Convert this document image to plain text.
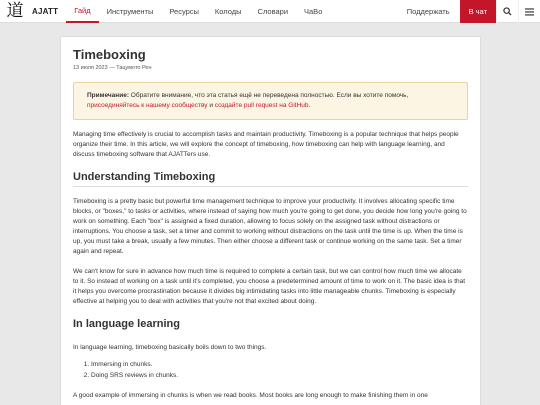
道	AJATT	Гайд	Инструменты	Ресурсы	Колоды	Словари	ЧаВо	Поддержать	В чат
Timeboxing
13 июля 2023 — Тацумото Рен
Примечание: Обратите внимание, что эта статья ещё не переведена полностью. Если вы хотите помочь, присоединяйтесь к нашему сообществу и создайте pull request на GitHub.

Managing time effectively is crucial to accomplish tasks and maintain productivity. Timeboxing is a popular technique that helps people organize their time. In this article, we will explore the concept of timeboxing, how timeboxing can help with language learning, and discuss timeboxing software that AJATTers use.

Understanding Timeboxing

Timeboxing is a pretty basic but powerful time management technique to improve your productivity. It involves allocating specific time blocks, or "boxes," to tasks or activities, where instead of saying how much you're going to get done, you decide how long you're going to work on something. Each "box" is assigned a fixed duration, allowing to focus solely on the assigned task without distractions or interruptions. You choose a task, set a timer and commit to working without distractions on the task until the time is up. When the time is up, you must take a break, usually a few minutes. Then either choose a different task or continue working on the same task. Set a timer again and repeat.

We can't know for sure in advance how much time is required to complete a certain task, but we can control how much time we allocate to it. So instead of working on a task until it's completed, you choose a predetermined amount of time to work on it. The basic idea is that it helps you overcome procrastination because it divides big intimidating tasks into little manageable chunks. Timeboxing is especially effective at helping you to deal with activities that you're not that excited about doing.

In language learning

In language learning, timeboxing basically boils down to two things.

1. Immersing in chunks.
2. Doing SRS reviews in chunks.

A good example of immersing in chunks is when we read books. Most books are long enough to make finishing them in one
